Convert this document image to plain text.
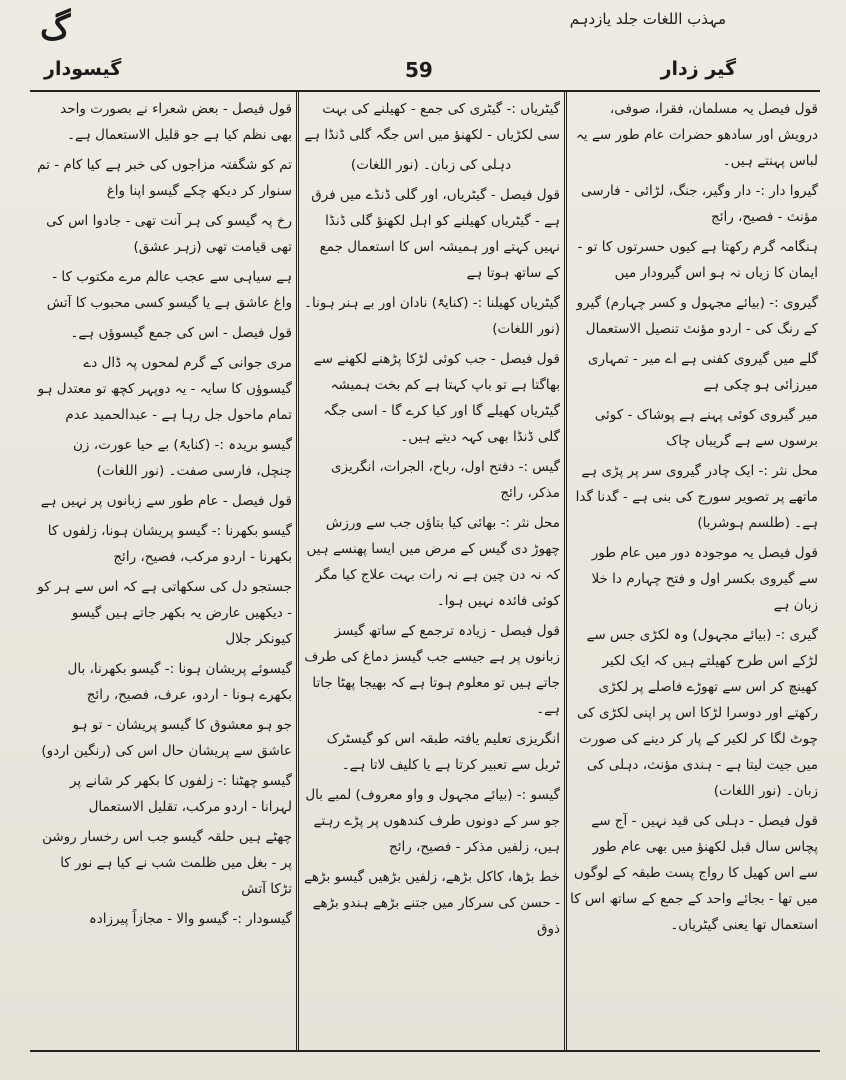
مہذب اللغات جلد یازدہم
گ
گیسودار	59	گیر زدار

قول فیصل یہ مسلمان، فقرا، صوفی، درویش اور سادھو حضرات عام طور سے یہ لباس پہنتے ہیں۔

گیروا دار :- دار وگیر، جنگ، لڑائی - فارسی مؤنث - فصیح، رائج

ہنگامہ گرم رکھتا ہے کیوں حسرتوں کا تو - ایمان کا زیاں نہ ہو اس گیرودار میں

گیروی :- (بیائے مجہول و کسر چہارم) گیرو کے رنگ کی - اردو مؤنث تنصیل الاستعمال

گلے میں گیروی کفنی ہے اے میر - تمہاری میرزائی ہو چکی ہے

میر گیروی کوئی پہنے ہے پوشاک - کوئی برسوں سے ہے گریباں چاک

محل نثر :- ایک چادر گیروی سر پر پڑی ہے ماتھے پر تصویر سورج کی بنی ہے - گدنا گدا ہے۔ (طلسم ہوشربا)

قول فیصل یہ موجودہ دور میں عام طور سے گیروی بکسر اول و فتح چہارم دا خلا زبان ہے

گیری :- (بیائے مجہول) وہ لکڑی جس سے لڑکے اس طرح کھیلتے ہیں کہ ایک لکیر کھینچ کر اس سے تھوڑے فاصلے پر لکڑی رکھتے اور دوسرا لڑکا اس پر اپنی لکڑی کی چوٹ لگا کر لکیر کے پار کر دینے کی صورت میں جیت لیتا ہے - ہندی مؤنث، دہلی کی زبان۔ (نور اللغات)

قول فیصل - دہلی کی قید نہیں - آج سے پچاس سال قبل لکھنؤ میں بھی عام طور سے اس کھیل کا رواج پست طبقہ کے لوگوں میں تھا - بجائے واحد کے جمع کے ساتھ اس کا استعمال تھا یعنی گیٹریاں۔

گیٹریاں :- گیٹری کی جمع - کھیلنے کی بہت سی لکڑیاں - لکھنؤ میں اس جگہ گلی ڈنڈا ہے

دہلی کی زبان۔ (نور اللغات)

قول فیصل - گیٹریاں، اور گلی ڈنڈے میں فرق ہے - گیٹریاں کھیلنے کو اہل لکھنؤ گلی ڈنڈا نہیں کہتے اور ہمیشہ اس کا استعمال جمع کے ساتھ ہوتا ہے

گیٹریاں کھیلنا :- (کنایۃً) نادان اور بے ہنر ہونا۔ (نور اللغات)

قول فیصل - جب کوئی لڑکا پڑھنے لکھنے سے بھاگتا ہے تو باپ کہتا ہے کم بخت ہمیشہ گیٹریاں کھیلے گا اور کیا کرے گا - اسی جگہ گلی ڈنڈا بھی کہہ دیتے ہیں۔

گیس :- دفتح اول، رباح، الجرات، انگریزی مذکر، رائج

محل نثر :- بھائی کیا بتاؤں جب سے ورزش چھوڑ دی گیس کے مرض میں ایسا پھنسے ہیں کہ نہ دن چین ہے نہ رات بہت علاج کیا مگر کوئی فائدہ نہیں ہوا۔

قول فیصل - زیادہ ترجمع کے ساتھ گیسز زبانوں پر ہے جیسے جب گیسز دماغ کی طرف جاتے ہیں تو معلوم ہوتا ہے کہ بھیجا پھٹا جاتا ہے۔

انگریزی تعلیم یافتہ طبقہ اس کو گیسٹرک ٹربل سے تعبیر کرتا ہے یا کلیف لاتا ہے۔

گیسو :- (بیائے مجہول و واو معروف) لمبے بال جو سر کے دونوں طرف کندھوں پر پڑے رہتے ہیں، زلفیں مذکر - فصیح، رائج

خط بڑھا، کاکل بڑھے، زلفیں بڑھیں گیسو بڑھے - حسن کی سرکار میں جتنے بڑھے ہندو بڑھے ذوق

قول فیصل - بعض شعراء نے بصورت واحد بھی نظم کیا ہے جو قلیل الاستعمال ہے۔

تم کو شگفتہ مزاجوں کی خبر ہے کیا کام - تم سنوار کر دیکھ چکے گیسو اپنا واغ

رخ پہ گیسو کی ہر آنت تھی - جادوا اس کی تھی قیامت تھی (زہر عشق)

ہے سیاہی سے عجب عالم مرے مکتوب کا - واغ عاشق ہے یا گیسو کسی محبوب کا آتش

قول فیصل - اس کی جمع گیسوؤں ہے۔

مری جوانی کے گرم لمحوں پہ ڈال دے گیسوؤں کا سایہ - یہ دوپہر کچھ تو معتدل ہو تمام ماحول جل رہا ہے - عبدالحمید عدم

گیسو بریدہ :- (کنایۃً) بے حیا عورت، زن چنچل، فارسی صفت۔ (نور اللغات)

قول فیصل - عام طور سے زبانوں پر نہیں ہے

گیسو بکھرنا :- گیسو پریشان ہونا، زلفوں کا بکھرنا - اردو مرکب، فصیح، رائج

جستجو دل کی سکھاتی ہے کہ اس سے ہر کو - دیکھیں عارض یہ بکھر جاتے ہیں گیسو کیونکر جلال

گیسوئے پریشان ہونا :- گیسو بکھرنا، بال بکھرے ہونا - اردو، عرف، فصیح، رائج

جو ہو معشوق کا گیسو پریشان - تو ہو عاشق سے پریشان حال اس کی (رنگین اردو)

گیسو چھٹنا :- زلفوں کا بکھر کر شانے پر لہرانا - اردو مرکب، تقلیل الاستعمال

چھٹے ہیں حلقہ گیسو جب اس رخسار روشن پر - بغل میں ظلمت شب نے کیا ہے نور کا تڑکا آتش

گیسودار :- گیسو والا - مجازاً پیرزادہ
